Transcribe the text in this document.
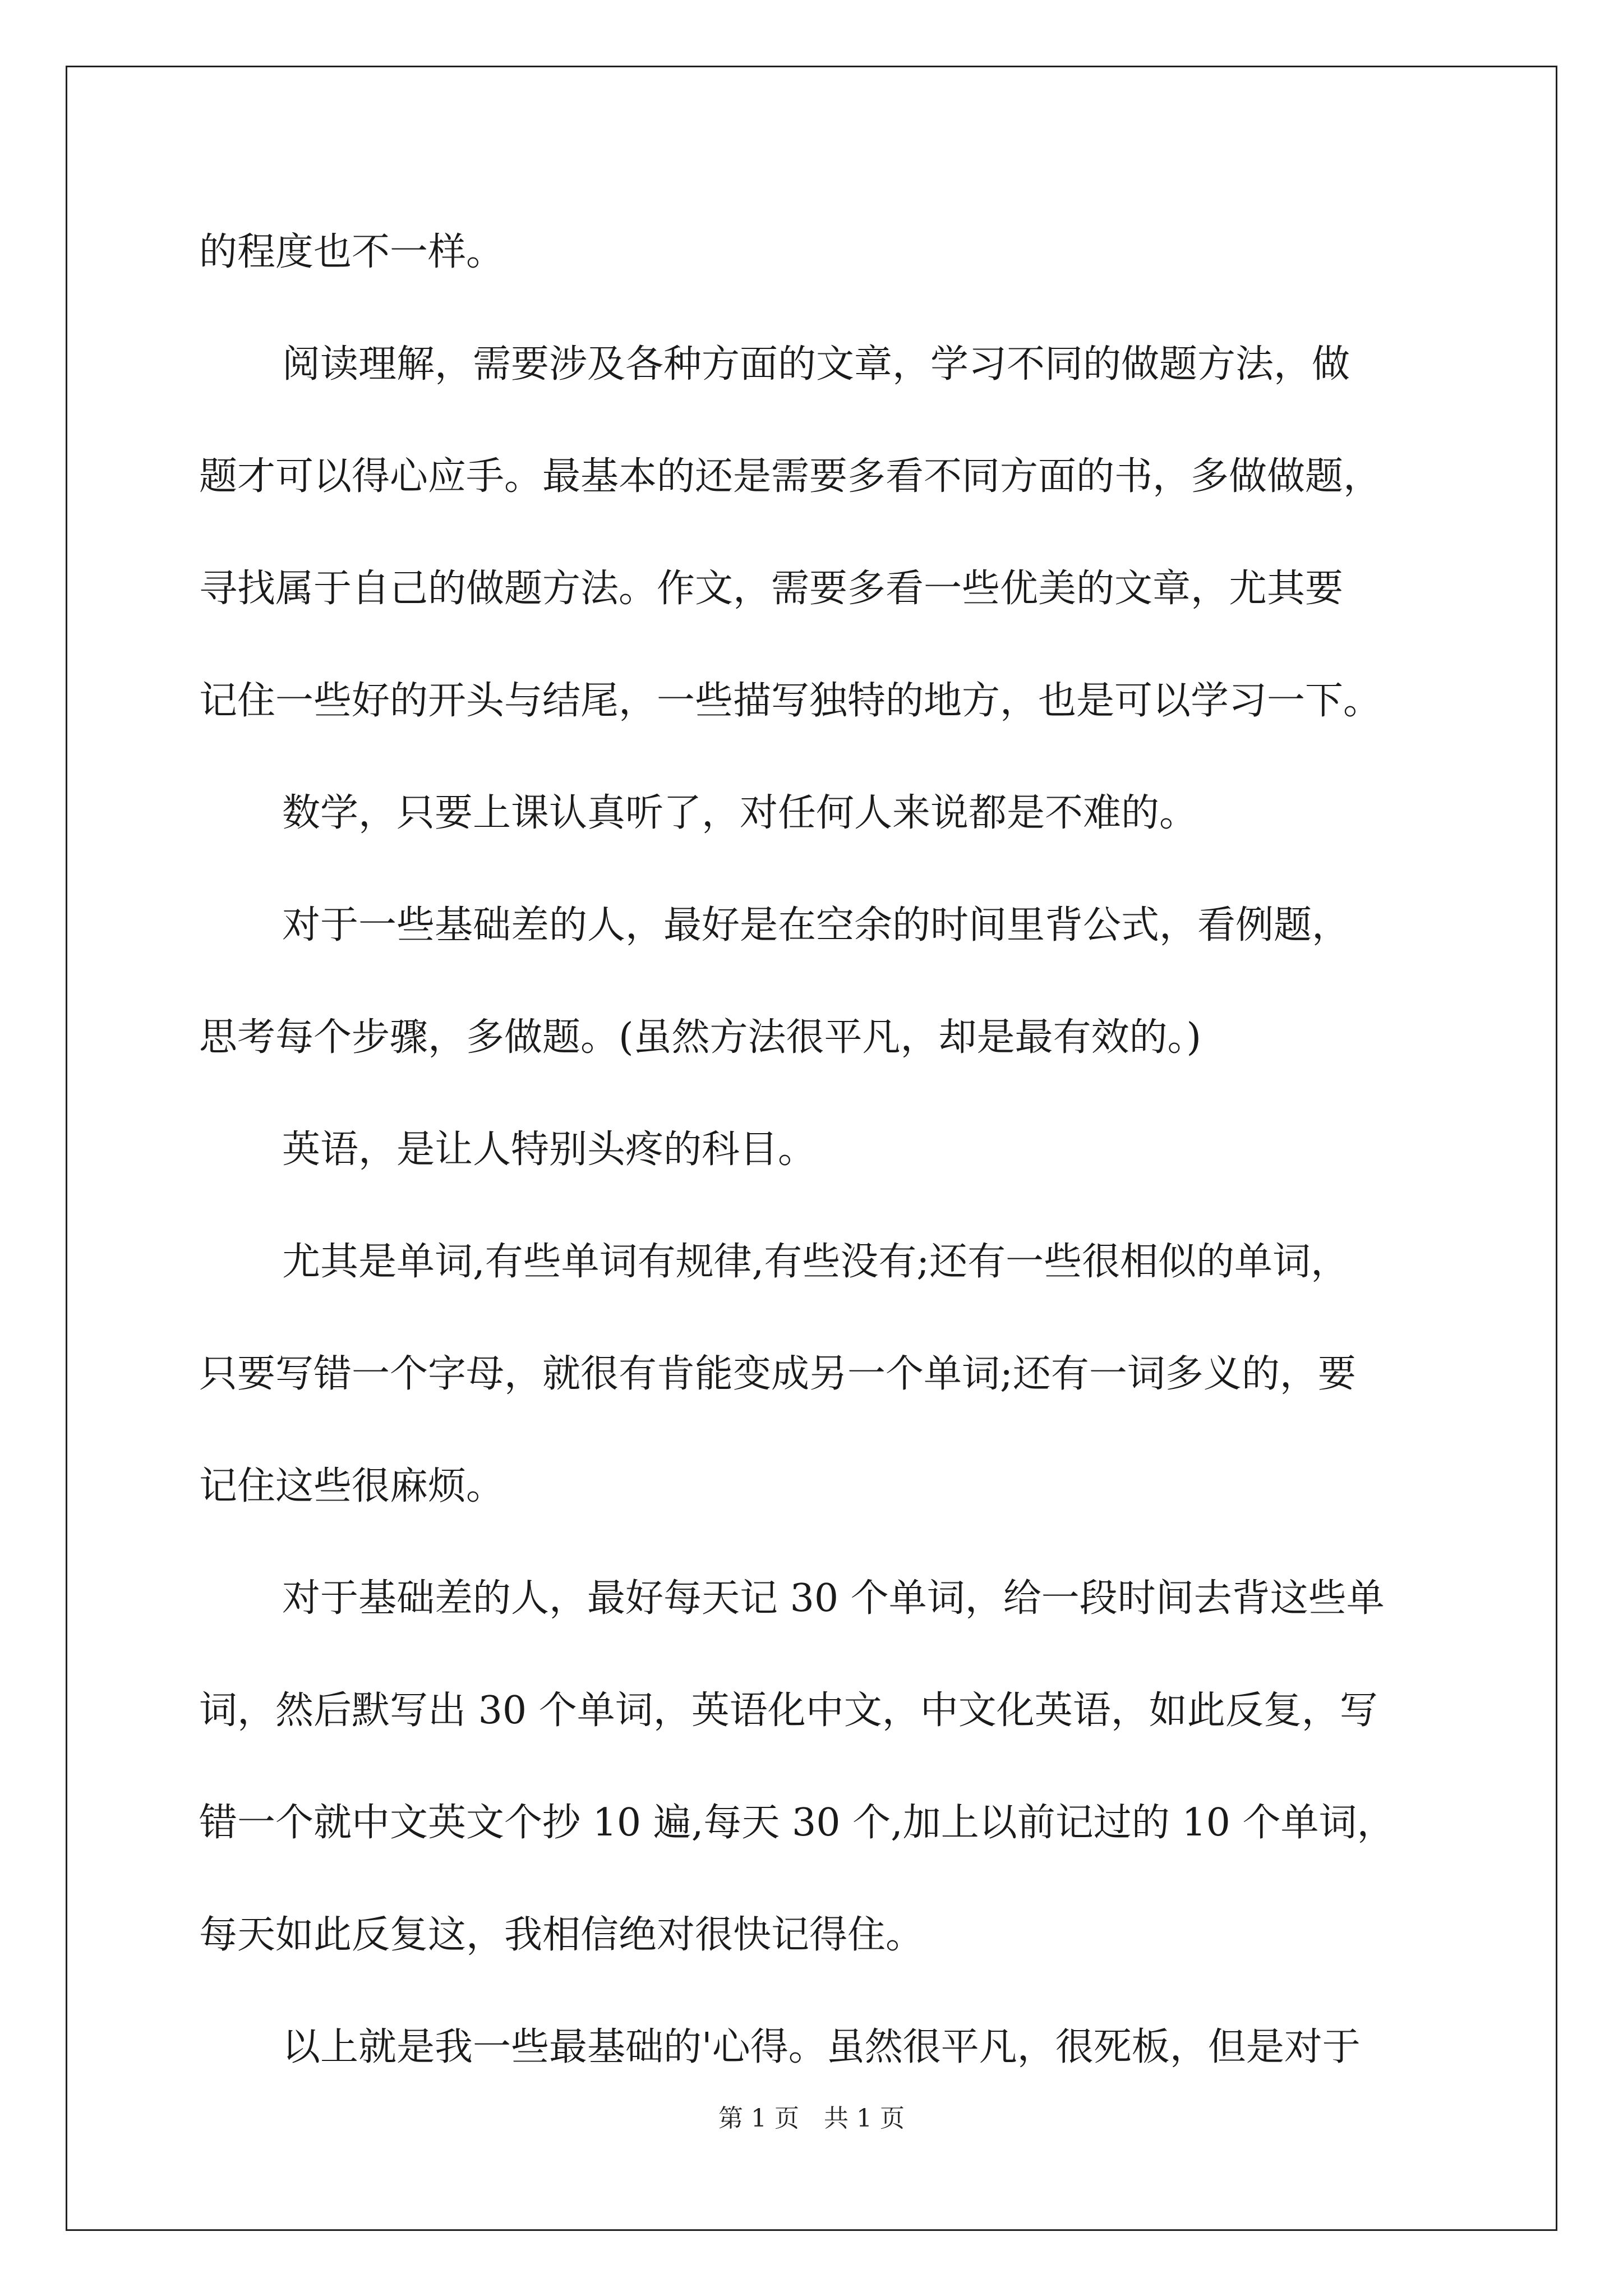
的程度也不一样。
阅读理解，需要涉及各种方面的文章，学习不同的做题方法，做
题才可以得心应手。最基本的还是需要多看不同方面的书，多做做题，
寻找属于自己的做题方法。作文，需要多看一些优美的文章，尤其要
记住一些好的开头与结尾，一些描写独特的地方，也是可以学习一下。
数学，只要上课认真听了，对任何人来说都是不难的。
对于一些基础差的人，最好是在空余的时间里背公式，看例题，
思考每个步骤，多做题。(虽然方法很平凡，却是最有效的。)
英语，是让人特别头疼的科目。
尤其是单词,有些单词有规律,有些没有;还有一些很相似的单词，
只要写错一个字母，就很有肯能变成另一个单词;还有一词多义的，要
记住这些很麻烦。
对于基础差的人，最好每天记 30 个单词，给一段时间去背这些单
词，然后默写出 30 个单词，英语化中文，中文化英语，如此反复，写
错一个就中文英文个抄 10 遍,每天 30 个,加上以前记过的 10 个单词，
每天如此反复这，我相信绝对很快记得住。
以上就是我一些最基础的'心得。虽然很平凡，很死板，但是对于
第 1 页　共 1 页
